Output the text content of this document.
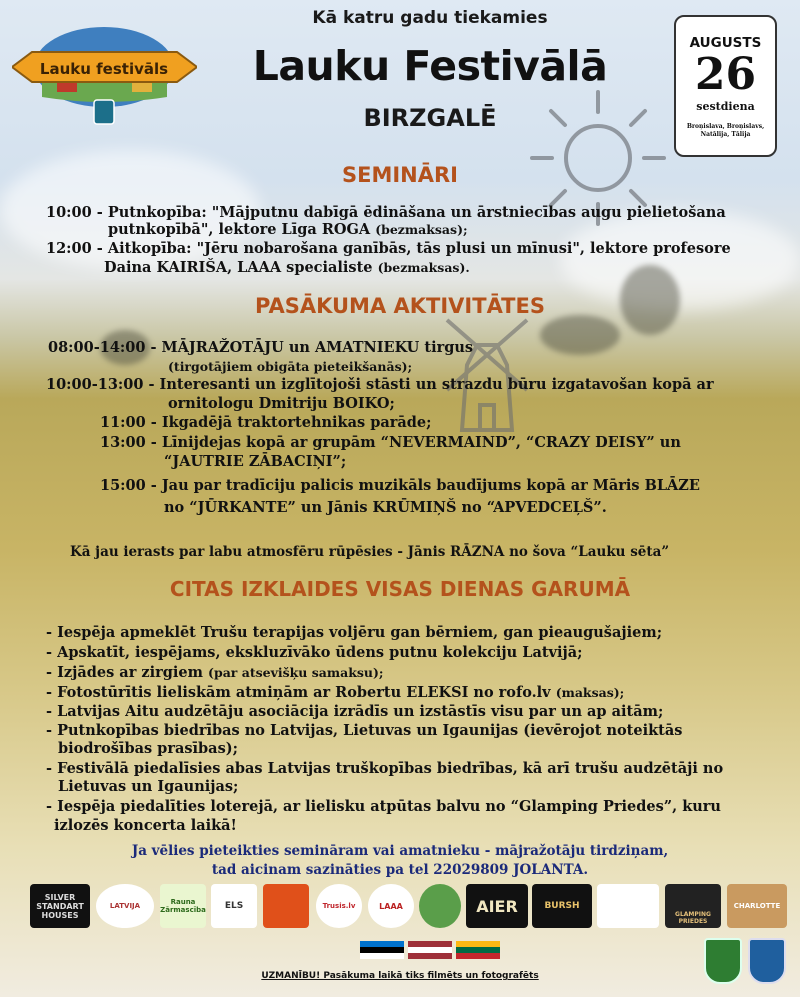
Lauku festivāls
Kā katru gadu tiekamies
Lauku Festivālā
BIRZGALĒ
AUGUSTS
26
sestdiena
Broņislava, Broņislavs, Natālija, Tālija
SEMINĀRI
10:00 - Putnkopība: "Mājputnu dabīgā ēdināšana un ārstniecības augu pielietošana
putnkopībā", lektore Līga ROGA (bezmaksas);
12:00 - Aitkopība: "Jēru nobarošana ganībās, tās plusi un mīnusi", lektore profesore
Daina KAIRIŠA, LAAA specialiste (bezmaksas).
PASĀKUMA AKTIVITĀTES
08:00-14:00 - MĀJRAŽOTĀJU un AMATNIEKU tirgus
(tirgotājiem obigāta pieteikšanās);
10:00-13:00 - Interesanti un izglītojoši stāsti un strazdu būru izgatavošan kopā ar
ornitologu Dmitriju BOIKO;
11:00 - Ikgadējā traktortehnikas parāde;
13:00 - Līnijdejas kopā ar grupām “NEVERMAIND”, “CRAZY DEISY” un
“JAUTRIE ZĀBACIŅI”;
15:00 - Jau par tradīciju palicis muzikāls baudījums kopā ar Māris BLĀZE
no “JŪRKANTE” un Jānis KRŪMIŅŠ no “APVEDCEĻŠ”.
Kā jau ierasts par labu atmosfēru rūpēsies - Jānis RĀZNA no šova “Lauku sēta”
CITAS IZKLAIDES VISAS DIENAS GARUMĀ
- Iespēja apmeklēt Trušu terapijas voljēru gan bērniem, gan pieaugušajiem;
- Apskatīt, iespējams, ekskluzīvāko ūdens putnu kolekciju Latvijā;
- Izjādes ar zirgiem (par atsevišķu samaksu);
- Fotostūrītis lieliskām atmiņām ar Robertu ELEKSI no rofo.lv (maksas);
- Latvijas Aitu audzētāju asociācija izrādīs un izstāstīs visu par un ap aitām;
- Putnkopības biedrības no Latvijas, Lietuvas un Igaunijas (ievērojot noteiktās
biodrošības prasības);
- Festivālā piedalīsies abas Latvijas truškopības biedrības, kā arī trušu audzētāji no
Lietuvas un Igaunijas;
- Iespēja piedalīties loterejā, ar lielisku atpūtas balvu no “Glamping Priedes”, kuru
izlozēs koncerta laikā!
Ja vēlies pieteikties semināram vai amatnieku - mājražotāju tirdziņam,
tad aicinam sazināties pa tel 22029809 JOLANTA.
SILVER STANDART HOUSES
LATVIJA	Rauna Zārmascība	ELS	Trusis.lv	LAAA	AIER	BURSH
GLAMPING PRIEDES
CHARLOTTE
UZMANĪBU! Pasākuma laikā tiks filmēts un fotografēts
